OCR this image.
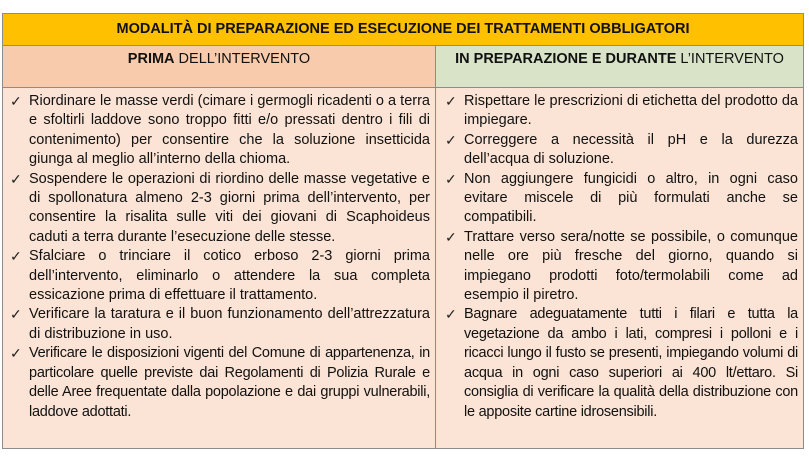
MODALITÀ DI PREPARAZIONE ED ESECUZIONE DEI TRATTAMENTI OBBLIGATORI
PRIMA DELL’INTERVENTO	IN PREPARAZIONE E DURANTE L’INTERVENTO
✓ Riordinare le masse verdi (cimare i germogli ricadenti o a terra e sfoltirli laddove sono troppo fitti e/o pressati dentro i fili di contenimento) per consentire che la soluzione insetticida giunga al meglio all’interno della chioma.
✓ Sospendere le operazioni di riordino delle masse vegetative e di spollonatura almeno 2-3 giorni prima dell’intervento, per consentire la risalita sulle viti dei giovani di Scaphoideus caduti a terra durante l’esecuzione delle stesse.
✓ Sfalciare o trinciare il cotico erboso 2-3 giorni prima dell’intervento, eliminarlo o attendere la sua completa essicazione prima di effettuare il trattamento.
✓ Verificare la taratura e il buon funzionamento dell’attrezzatura di distribuzione in uso.
✓ Verificare le disposizioni vigenti del Comune di appartenenza, in particolare quelle previste dai Regolamenti di Polizia Rurale e delle Aree frequentate dalla popolazione e dai gruppi vulnerabili, laddove adottati.
✓ Rispettare le prescrizioni di etichetta del prodotto da impiegare.
✓ Correggere a necessità il pH e la durezza dell’acqua di soluzione.
✓ Non aggiungere fungicidi o altro, in ogni caso evitare miscele di più formulati anche se compatibili.
✓ Trattare verso sera/notte se possibile, o comunque nelle ore più fresche del giorno, quando si impiegano prodotti foto/termolabili come ad esempio il piretro.
✓ Bagnare adeguatamente tutti i filari e tutta la vegetazione da ambo i lati, compresi i polloni e i ricacci lungo il fusto se presenti, impiegando volumi di acqua in ogni caso superiori ai 400 lt/ettaro. Si consiglia di verificare la qualità della distribuzione con le apposite cartine idrosensibili.
